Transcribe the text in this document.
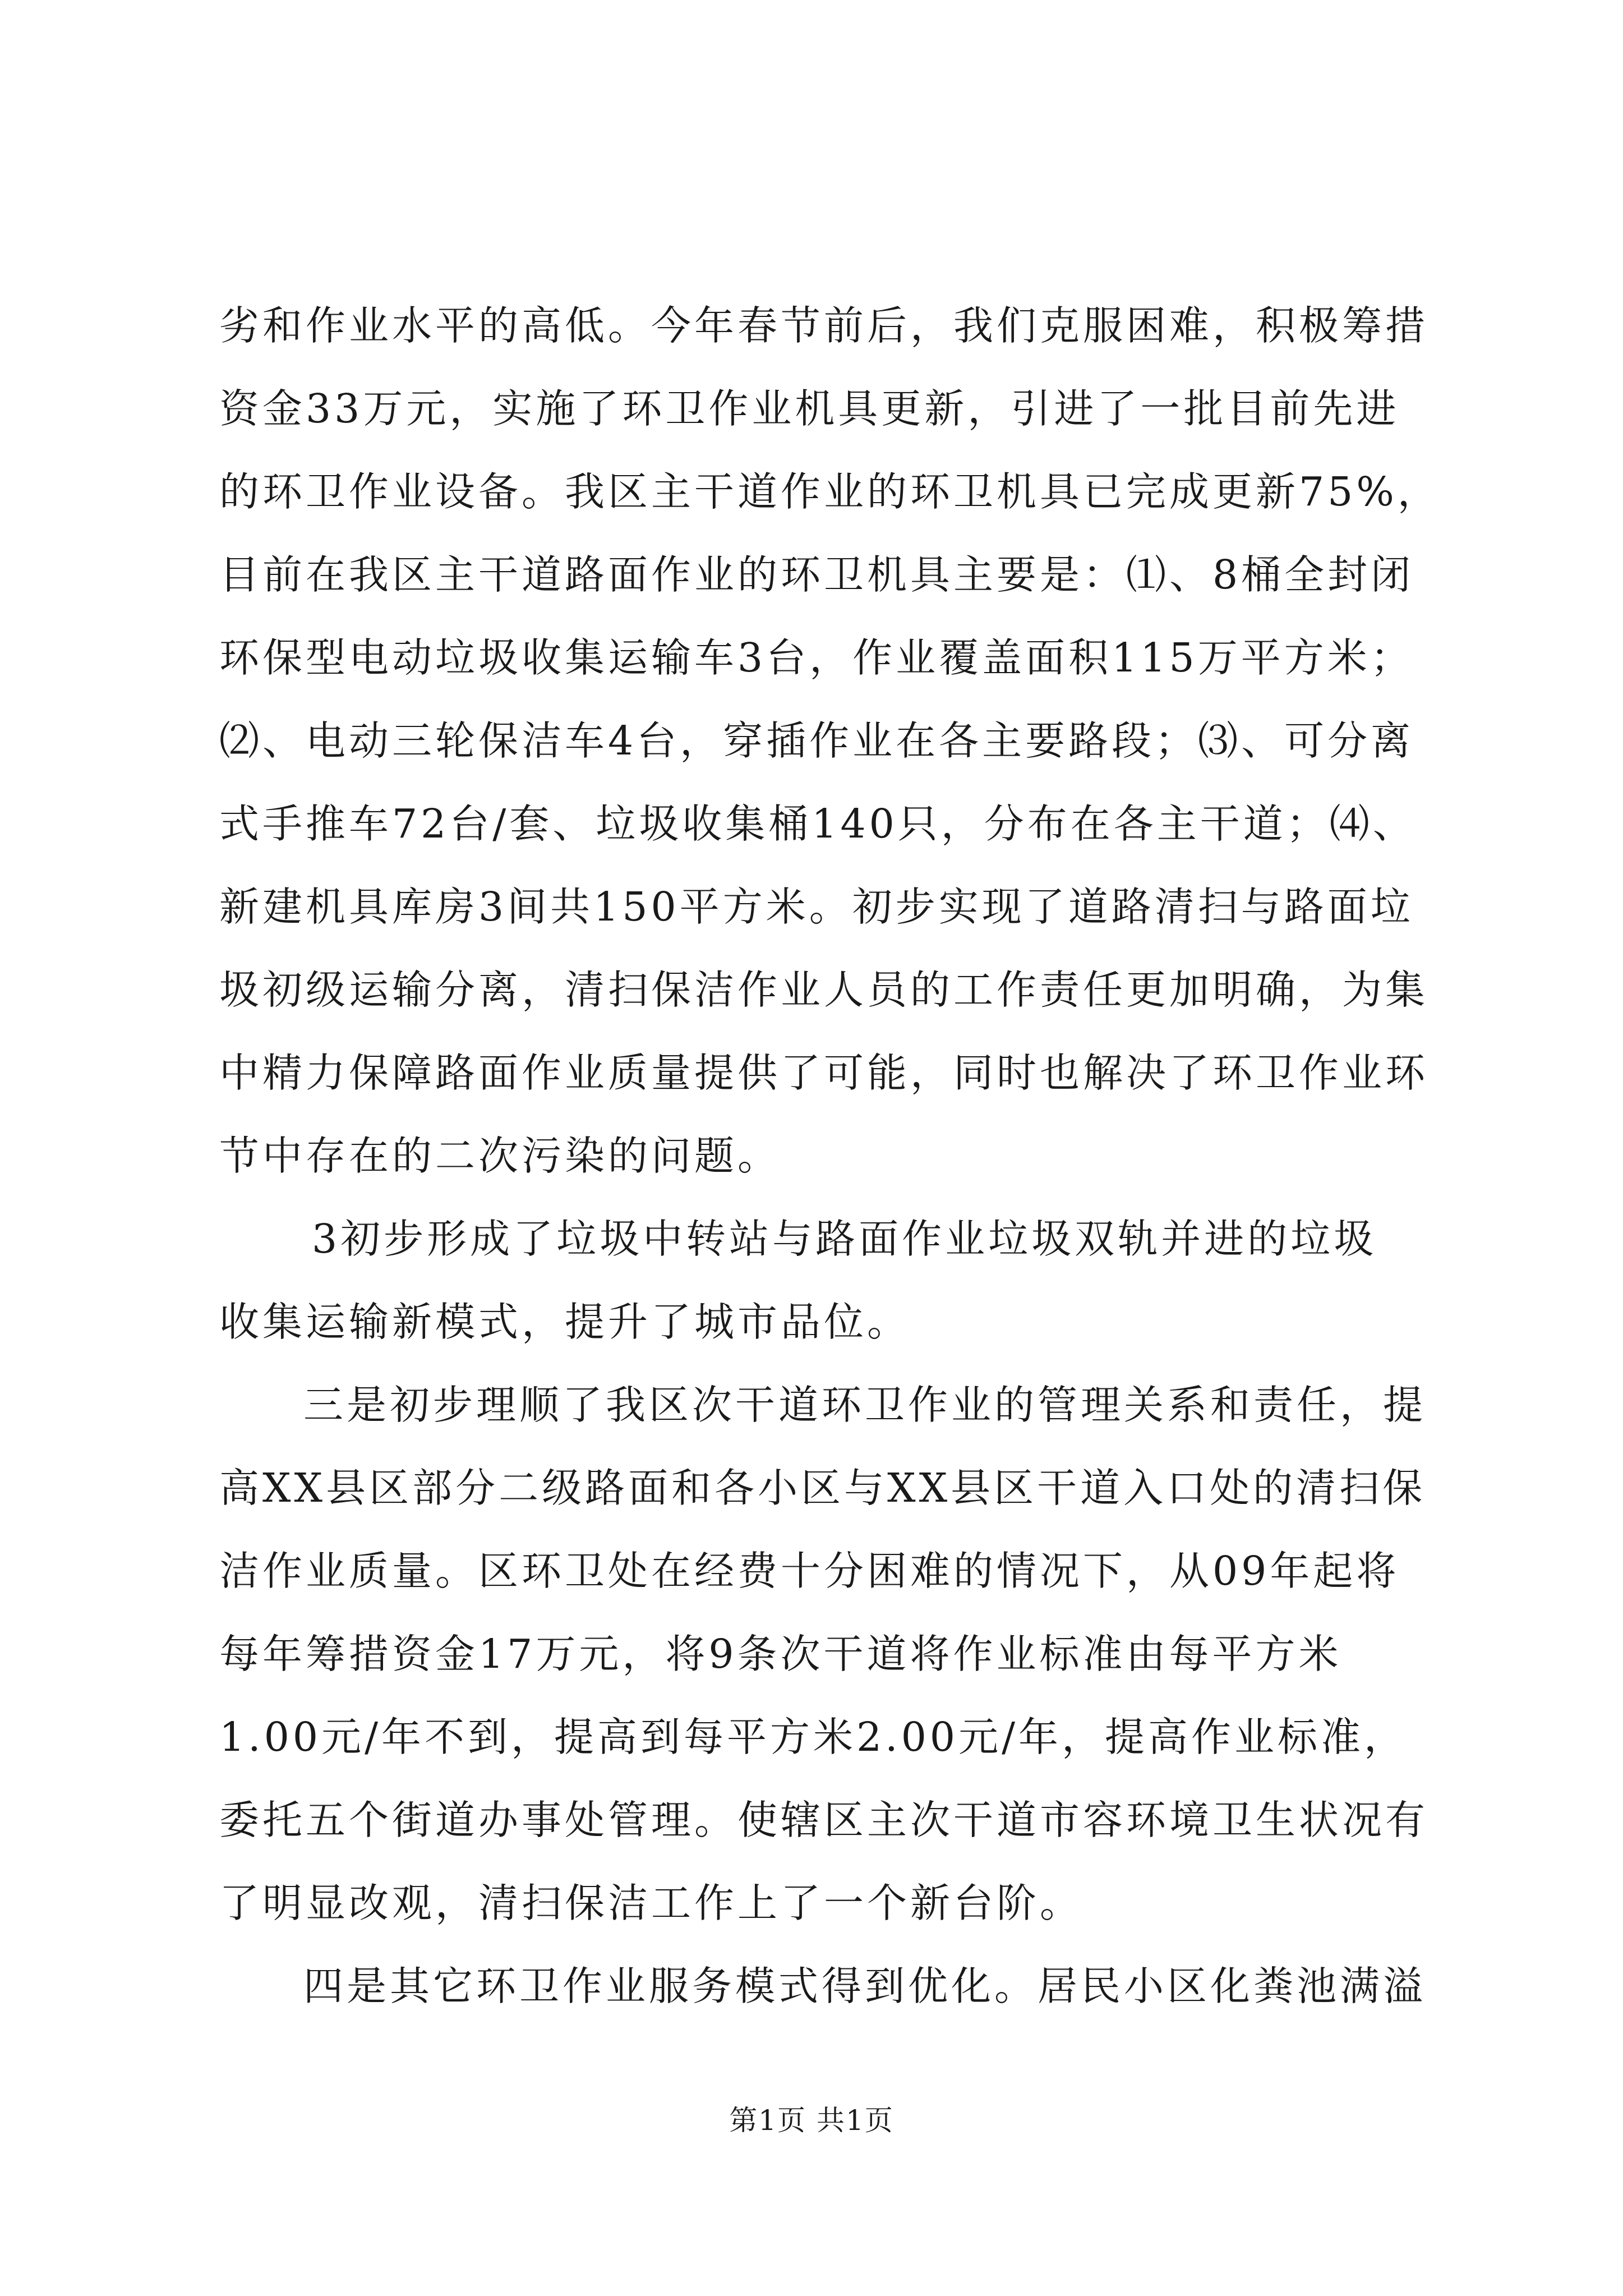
劣和作业水平的高低。今年春节前后，我们克服困难，积极筹措
资金33万元，实施了环卫作业机具更新，引进了一批目前先进
的环卫作业设备。我区主干道作业的环卫机具已完成更新75%，
目前在我区主干道路面作业的环卫机具主要是：⑴、8桶全封闭
环保型电动垃圾收集运输车3台，作业覆盖面积115万平方米；
⑵、电动三轮保洁车4台，穿插作业在各主要路段；⑶、可分离
式手推车72台/套、垃圾收集桶140只，分布在各主干道；⑷、
新建机具库房3间共150平方米。初步实现了道路清扫与路面垃
圾初级运输分离，清扫保洁作业人员的工作责任更加明确，为集
中精力保障路面作业质量提供了可能，同时也解决了环卫作业环
节中存在的二次污染的问题。
3初步形成了垃圾中转站与路面作业垃圾双轨并进的垃圾
收集运输新模式，提升了城市品位。
三是初步理顺了我区次干道环卫作业的管理关系和责任，提
高XX县区部分二级路面和各小区与XX县区干道入口处的清扫保
洁作业质量。区环卫处在经费十分困难的情况下，从09年起将
每年筹措资金17万元，将9条次干道将作业标准由每平方米
1.00元/年不到，提高到每平方米2.00元/年，提高作业标准，
委托五个街道办事处管理。使辖区主次干道市容环境卫生状况有
了明显改观，清扫保洁工作上了一个新台阶。
四是其它环卫作业服务模式得到优化。居民小区化粪池满溢
第1页 共1页
